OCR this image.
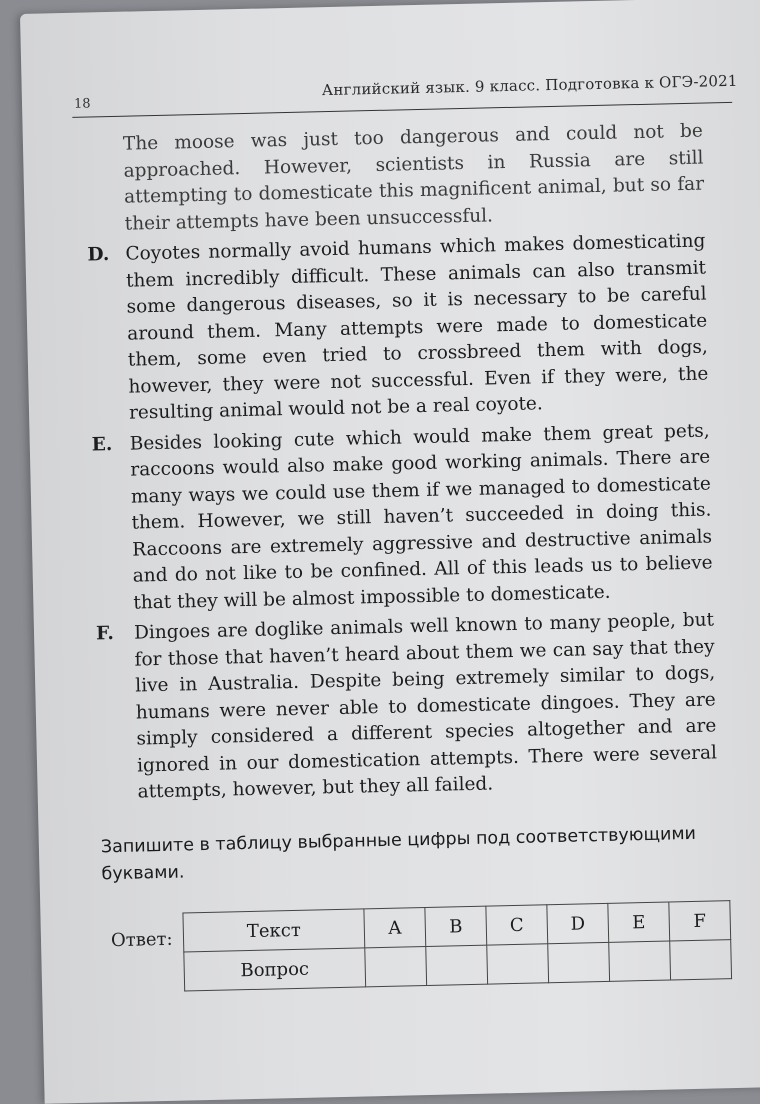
18
Английский язык. 9 класс. Подготовка к ОГЭ-2021
The moose was just too dangerous and could not be approached. However, scientists in Russia are still attempting to domesticate this magnificent animal, but so far their attempts have been unsuccessful.
D. Coyotes normally avoid humans which makes domesticating them incredibly difficult. These animals can also transmit some dangerous diseases, so it is necessary to be careful around them. Many attempts were made to domesticate them, some even tried to crossbreed them with dogs, however, they were not successful. Even if they were, the resulting animal would not be a real coyote.
E. Besides looking cute which would make them great pets, raccoons would also make good working animals. There are many ways we could use them if we managed to domesticate them. However, we still haven’t succeeded in doing this. Raccoons are extremely aggressive and destructive animals and do not like to be confined. All of this leads us to believe that they will be almost impossible to domesticate.
F. Dingoes are doglike animals well known to many people, but for those that haven’t heard about them we can say that they live in Australia. Despite being extremely similar to dogs, humans were never able to domesticate dingoes. They are simply considered a different species altogether and are ignored in our domestication attempts. There were several attempts, however, but they all failed.
Запишите в таблицу выбранные цифры под соответствующими буквами.
Ответ:	Текст	A	B	C	D	E	F
Вопрос						
